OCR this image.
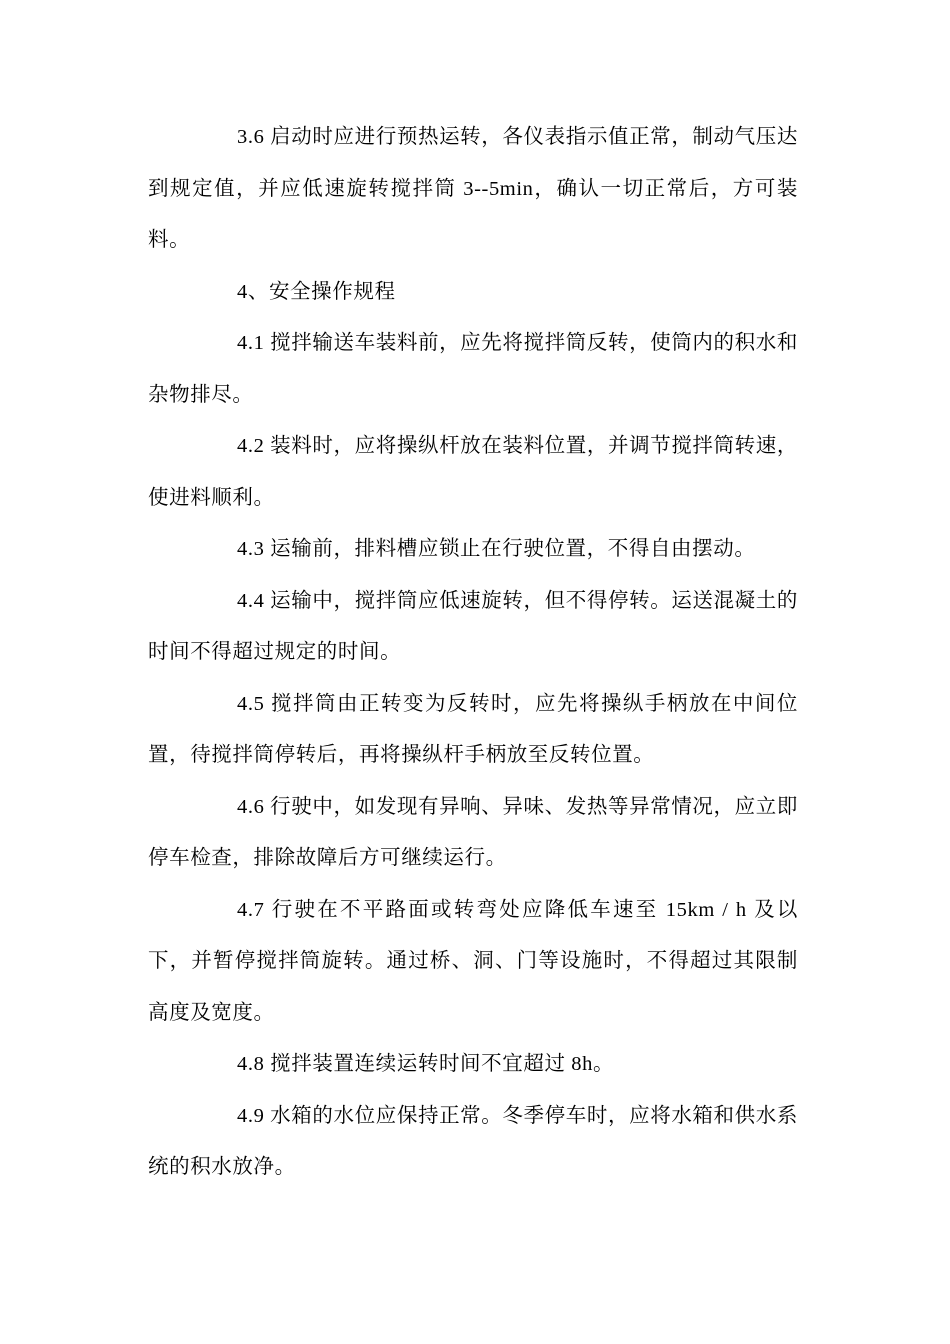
3.6 启动时应进行预热运转，各仪表指示值正常，制动气压达到规定值，并应低速旋转搅拌筒 3--5min，确认一切正常后，方可装料。

4、安全操作规程

4.1 搅拌输送车装料前，应先将搅拌筒反转，使筒内的积水和杂物排尽。

4.2 装料时，应将操纵杆放在装料位置，并调节搅拌筒转速，使进料顺利。

4.3 运输前，排料槽应锁止在行驶位置，不得自由摆动。

4.4 运输中，搅拌筒应低速旋转，但不得停转。运送混凝土的时间不得超过规定的时间。

4.5 搅拌筒由正转变为反转时，应先将操纵手柄放在中间位置，待搅拌筒停转后，再将操纵杆手柄放至反转位置。

4.6 行驶中，如发现有异响、异味、发热等异常情况，应立即停车检查，排除故障后方可继续运行。

4.7 行驶在不平路面或转弯处应降低车速至 15km / h 及以下，并暂停搅拌筒旋转。通过桥、洞、门等设施时，不得超过其限制高度及宽度。

4.8 搅拌装置连续运转时间不宜超过 8h。

4.9 水箱的水位应保持正常。冬季停车时，应将水箱和供水系统的积水放净。
